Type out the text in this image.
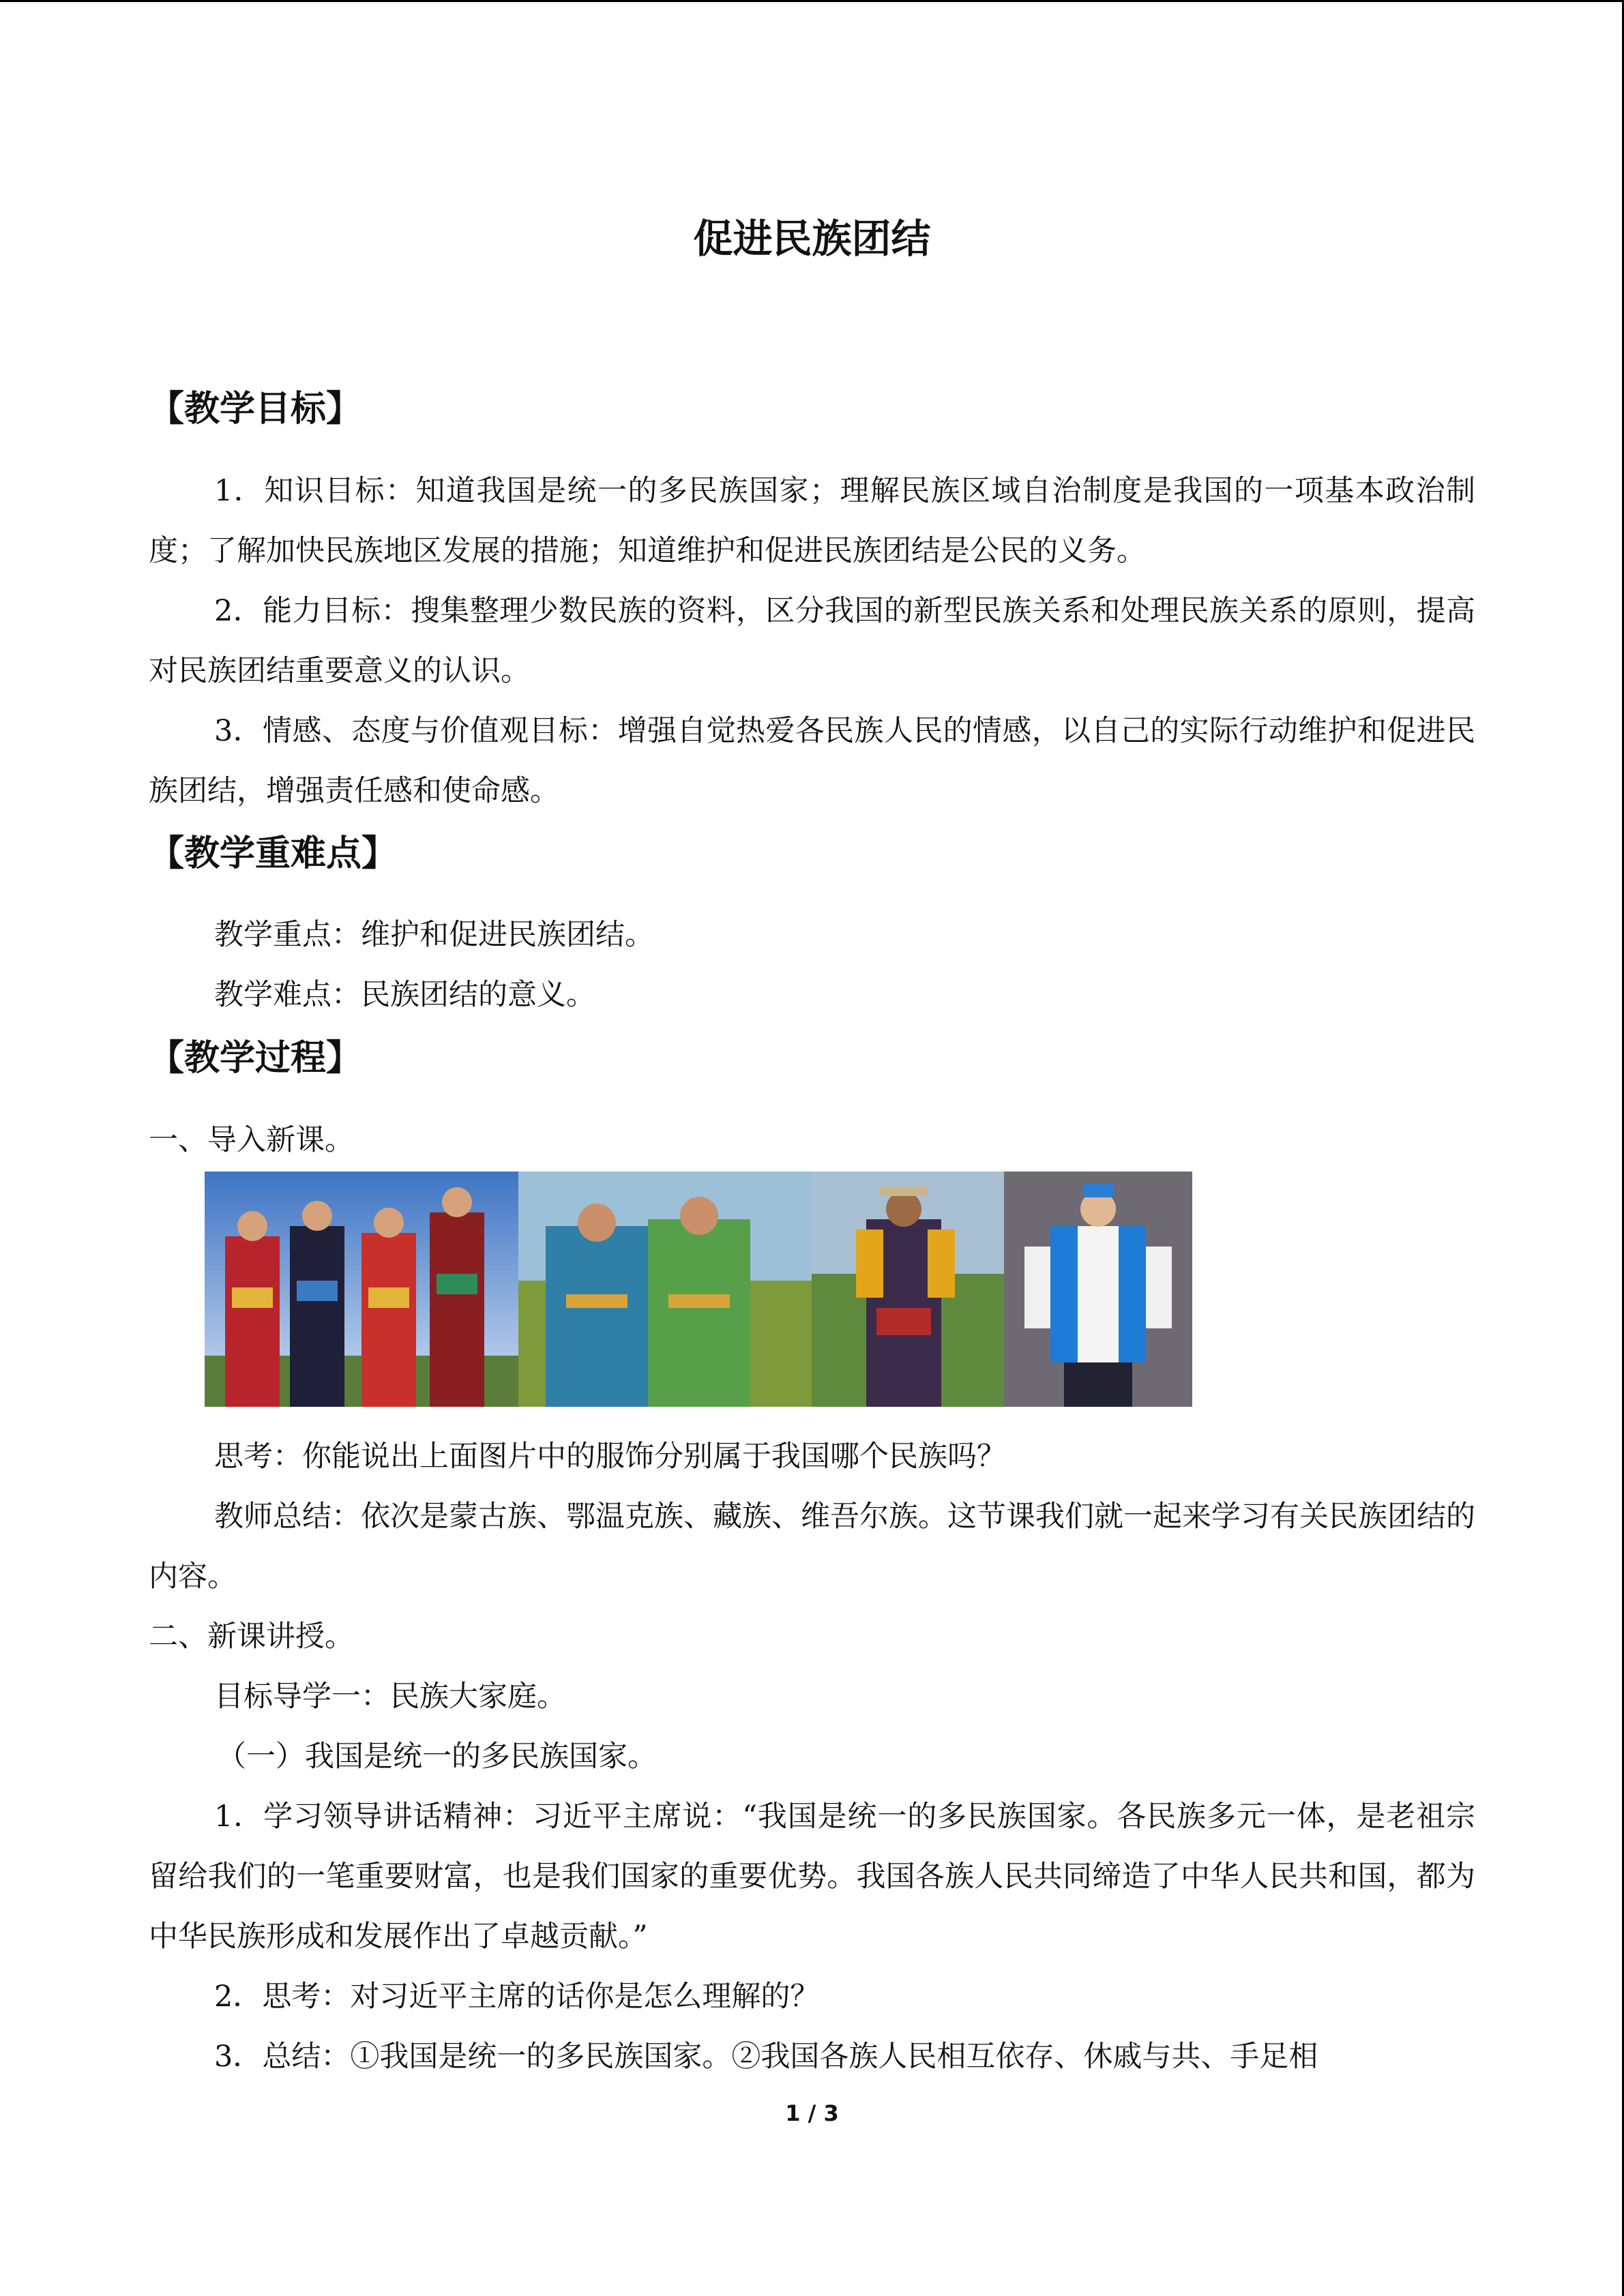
促进民族团结
【教学目标】
1．知识目标：知道我国是统一的多民族国家；理解民族区域自治制度是我国的一项基本政治制度；了解加快民族地区发展的措施；知道维护和促进民族团结是公民的义务。
2．能力目标：搜集整理少数民族的资料，区分我国的新型民族关系和处理民族关系的原则，提高对民族团结重要意义的认识。
3．情感、态度与价值观目标：增强自觉热爱各民族人民的情感，以自己的实际行动维护和促进民族团结，增强责任感和使命感。
【教学重难点】
教学重点：维护和促进民族团结。
教学难点：民族团结的意义。
【教学过程】
一、导入新课。
思考：你能说出上面图片中的服饰分别属于我国哪个民族吗？
教师总结：依次是蒙古族、鄂温克族、藏族、维吾尔族。这节课我们就一起来学习有关民族团结的内容。
二、新课讲授。
目标导学一：民族大家庭。
（一）我国是统一的多民族国家。
1．学习领导讲话精神：习近平主席说：“我国是统一的多民族国家。各民族多元一体，是老祖宗留给我们的一笔重要财富，也是我们国家的重要优势。我国各族人民共同缔造了中华人民共和国，都为中华民族形成和发展作出了卓越贡献。”
2．思考：对习近平主席的话你是怎么理解的？
3．总结：①我国是统一的多民族国家。②我国各族人民相互依存、休戚与共、手足相
1 / 3
